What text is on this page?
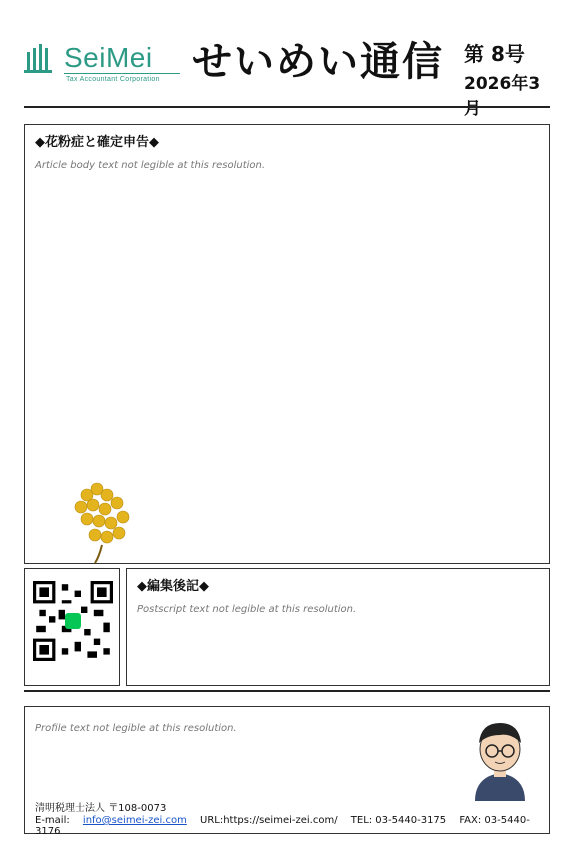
SeiMei
Tax Accountant Corporation せいめい通信 第 8号
2026年3月
◆花粉症と確定申告◆
Article body text not legible at this resolution.
◆編集後記◆
Postscript text not legible at this resolution.
Profile text not legible at this resolution.
清明税理士法人 〒108-0073
E-mail: info@seimei-zei.com URL:https://seimei-zei.com/ TEL: 03-5440-3175 FAX: 03-5440-3176
